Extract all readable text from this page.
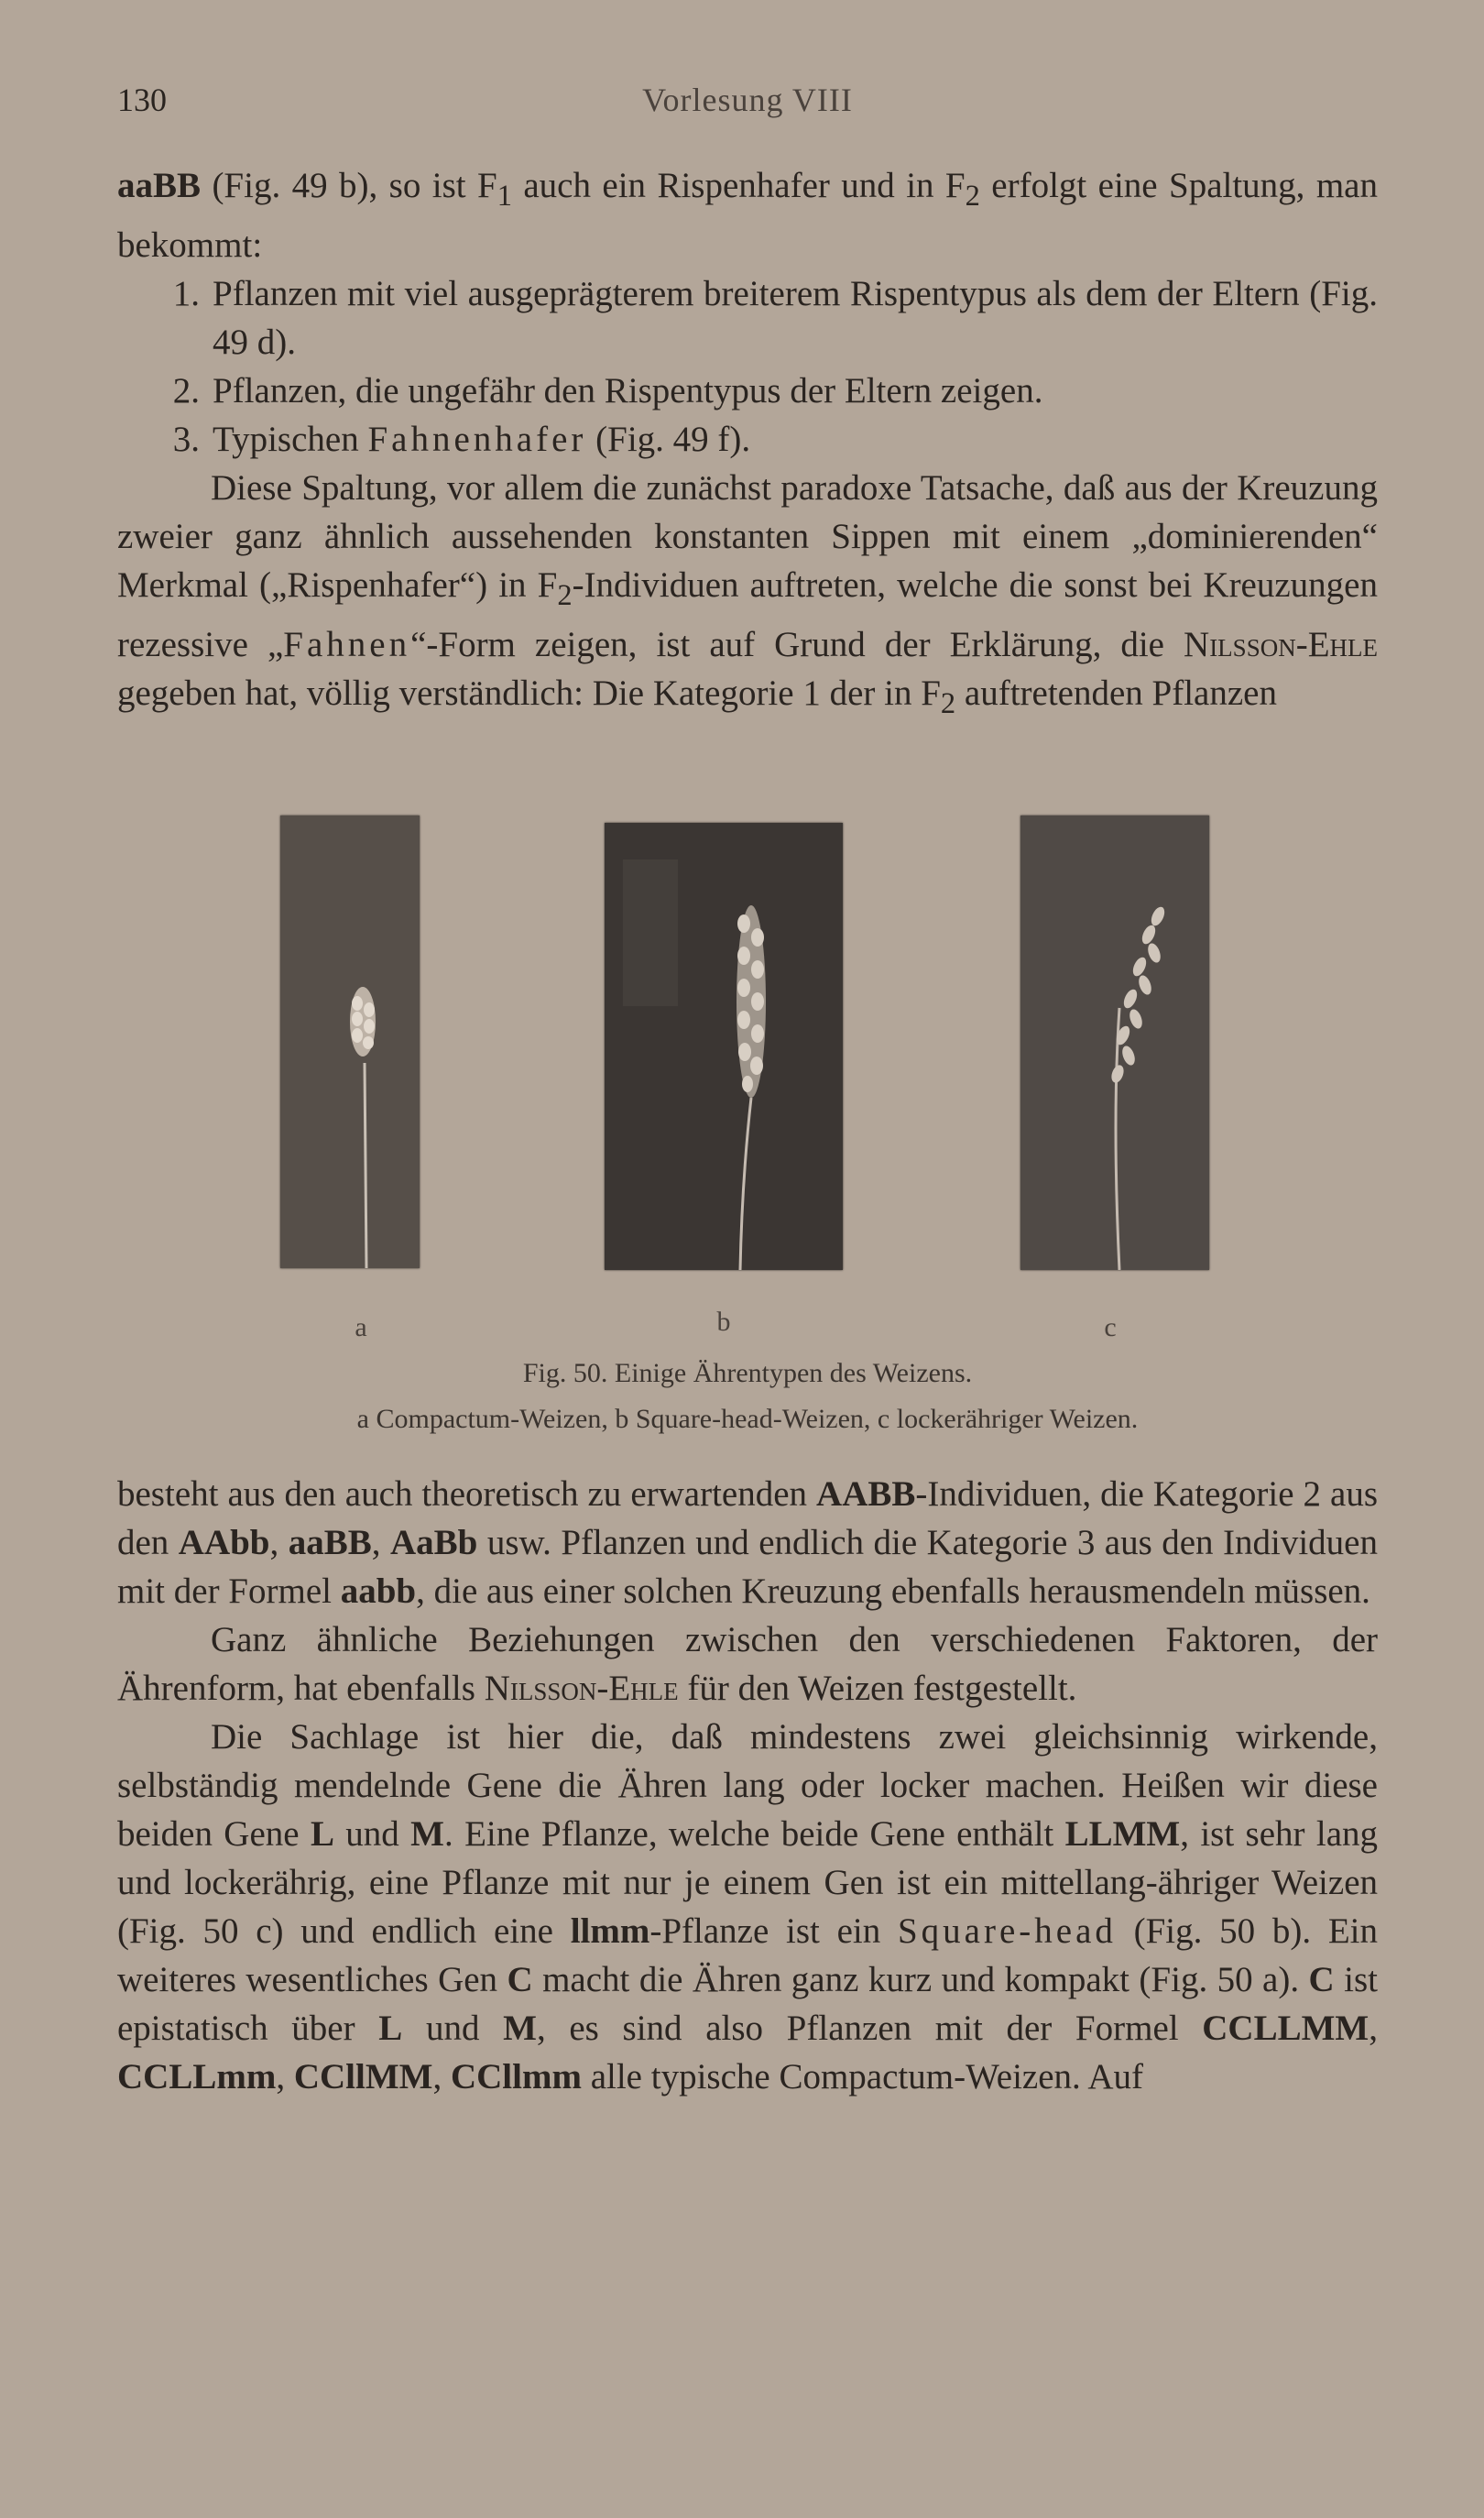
130	Vorlesung VIII

aaBB (Fig. 49 b), so ist $F_1$ auch ein Rispenhafer und in $F_2$ erfolgt eine Spaltung, man bekommt:

1. Pflanzen mit viel ausgeprägterem breiterem Rispentypus als dem der Eltern (Fig. 49 d).
2. Pflanzen, die ungefähr den Rispentypus der Eltern zeigen.
3. Typischen Fahnenhafer (Fig. 49 f).

Diese Spaltung, vor allem die zunächst paradoxe Tatsache, daß aus der Kreuzung zweier ganz ähnlich aussehenden konstanten Sippen mit einem „dominierenden“ Merkmal („Rispenhafer“) in $F_2$-Individuen auftreten, welche die sonst bei Kreuzungen rezessive „Fahnen“-Form zeigen, ist auf Grund der Erklärung, die Nilsson-Ehle gegeben hat, völlig verständlich: Die Kategorie 1 der in $F_2$ auftretenden Pflanzen

a	b	c
Fig. 50. Einige Ährentypen des Weizens.
a Compactum-Weizen, b Square-head-Weizen, c lockerähriger Weizen.

besteht aus den auch theoretisch zu erwartenden AABB-Individuen, die Kategorie 2 aus den AAbb, aaBB, AaBb usw. Pflanzen und endlich die Kategorie 3 aus den Individuen mit der Formel aabb, die aus einer solchen Kreuzung ebenfalls herausmendeln müssen.

Ganz ähnliche Beziehungen zwischen den verschiedenen Faktoren, der Ährenform, hat ebenfalls Nilsson-Ehle für den Weizen festgestellt.

Die Sachlage ist hier die, daß mindestens zwei gleichsinnig wirkende, selbständig mendelnde Gene die Ähren lang oder locker machen. Heißen wir diese beiden Gene L und M. Eine Pflanze, welche beide Gene enthält LLMM, ist sehr lang und lockerährig, eine Pflanze mit nur je einem Gen ist ein mittellang-ähriger Weizen (Fig. 50 c) und endlich eine llmm-Pflanze ist ein Square-head (Fig. 50 b). Ein weiteres wesentliches Gen C macht die Ähren ganz kurz und kompakt (Fig. 50 a). C ist epistatisch über L und M, es sind also Pflanzen mit der Formel CCLLMM, CCLLmm, CCllMM, CCllmm alle typische Compactum-Weizen. Auf
